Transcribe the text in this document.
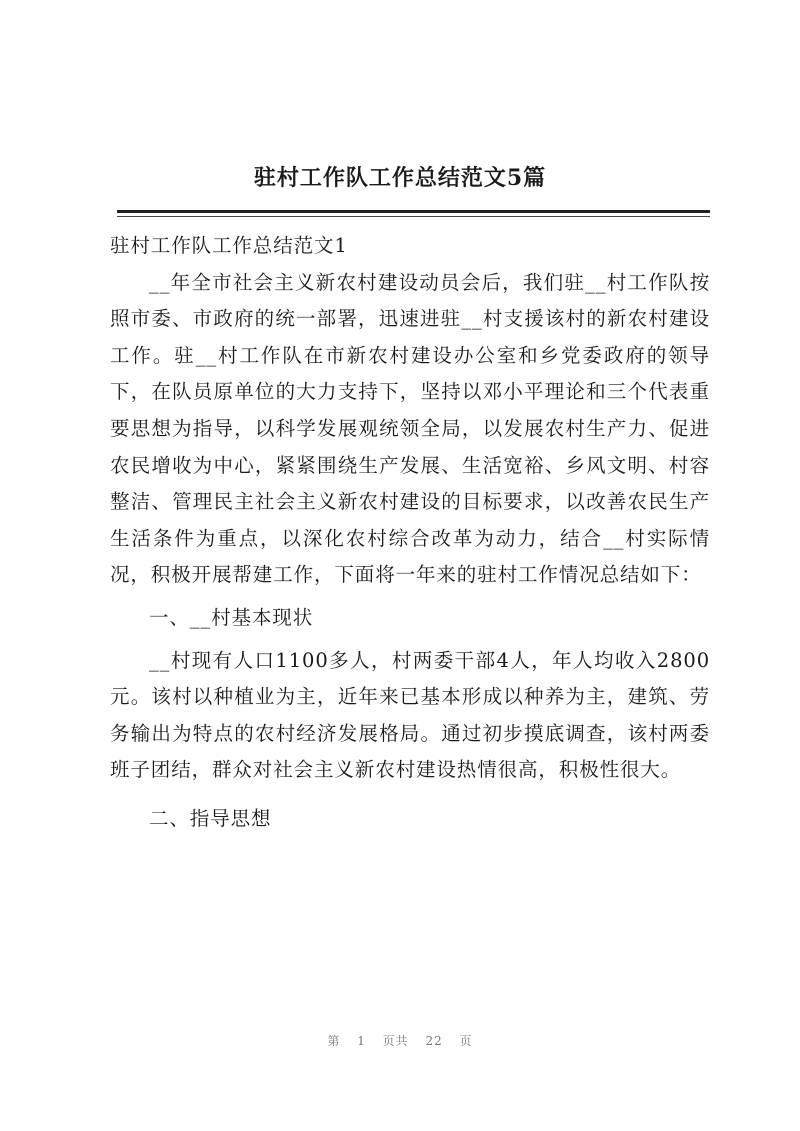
驻村工作队工作总结范文5篇

驻村工作队工作总结范文1

__年全市社会主义新农村建设动员会后，我们驻__村工作队按照市委、市政府的统一部署，迅速进驻__村支援该村的新农村建设工作。驻__村工作队在市新农村建设办公室和乡党委政府的领导下，在队员原单位的大力支持下，坚持以邓小平理论和三个代表重要思想为指导，以科学发展观统领全局，以发展农村生产力、促进农民增收为中心，紧紧围绕生产发展、生活宽裕、乡风文明、村容整洁、管理民主社会主义新农村建设的目标要求，以改善农民生产生活条件为重点，以深化农村综合改革为动力，结合__村实际情况，积极开展帮建工作，下面将一年来的驻村工作情况总结如下：

一、__村基本现状

__村现有人口1100多人，村两委干部4人，年人均收入2800元。该村以种植业为主，近年来已基本形成以种养为主，建筑、劳务输出为特点的农村经济发展格局。通过初步摸底调查，该村两委班子团结，群众对社会主义新农村建设热情很高，积极性很大。

二、指导思想

第 1 页共 22 页
